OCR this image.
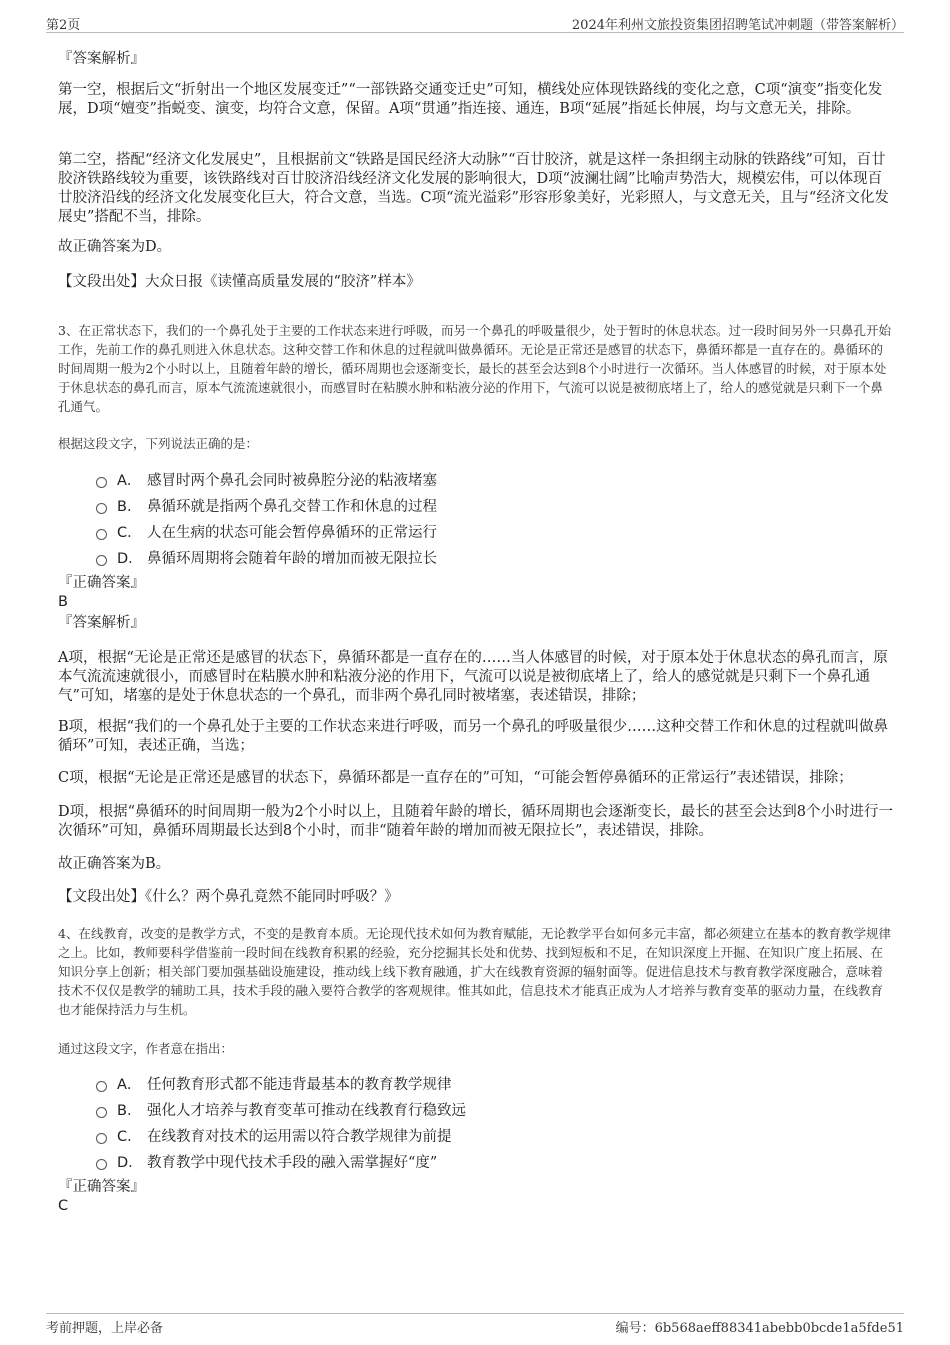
第2页	2024年利州文旅投资集团招聘笔试冲刺题（带答案解析）

『答案解析』

第一空，根据后文“折射出一个地区发展变迁”“一部铁路交通变迁史”可知，横线处应体现铁路线的变化之意，C项“演变”指变化发展，D项“嬗变”指蜕变、演变，均符合文意，保留。A项“贯通”指连接、通连，B项“延展”指延长伸展，均与文意无关，排除。

第二空，搭配“经济文化发展史”，且根据前文“铁路是国民经济大动脉”“百廿胶济，就是这样一条担纲主动脉的铁路线”可知，百廿胶济铁路线较为重要，该铁路线对百廿胶济沿线经济文化发展的影响很大，D项“波澜壮阔”比喻声势浩大，规模宏伟，可以体现百廿胶济沿线的经济文化发展变化巨大，符合文意，当选。C项“流光溢彩”形容形象美好，光彩照人，与文意无关，且与“经济文化发展史”搭配不当，排除。

故正确答案为D。

【文段出处】大众日报《读懂高质量发展的“胶济”样本》

3、在正常状态下，我们的一个鼻孔处于主要的工作状态来进行呼吸，而另一个鼻孔的呼吸量很少，处于暂时的休息状态。过一段时间另外一只鼻孔开始工作，先前工作的鼻孔则进入休息状态。这种交替工作和休息的过程就叫做鼻循环。无论是正常还是感冒的状态下，鼻循环都是一直存在的。鼻循环的时间周期一般为2个小时以上，且随着年龄的增长，循环周期也会逐渐变长，最长的甚至会达到8个小时进行一次循环。当人体感冒的时候，对于原本处于休息状态的鼻孔而言，原本气流流速就很小，而感冒时在粘膜水肿和粘液分泌的作用下，气流可以说是被彻底堵上了，给人的感觉就是只剩下一个鼻孔通气。

根据这段文字，下列说法正确的是：

A． 感冒时两个鼻孔会同时被鼻腔分泌的粘液堵塞
B． 鼻循环就是指两个鼻孔交替工作和休息的过程
C． 人在生病的状态可能会暂停鼻循环的正常运行
D． 鼻循环周期将会随着年龄的增加而被无限拉长

『正确答案』

B

『答案解析』

A项，根据“无论是正常还是感冒的状态下，鼻循环都是一直存在的……当人体感冒的时候，对于原本处于休息状态的鼻孔而言，原本气流流速就很小，而感冒时在粘膜水肿和粘液分泌的作用下，气流可以说是被彻底堵上了，给人的感觉就是只剩下一个鼻孔通气”可知，堵塞的是处于休息状态的一个鼻孔，而非两个鼻孔同时被堵塞，表述错误，排除；

B项，根据“我们的一个鼻孔处于主要的工作状态来进行呼吸，而另一个鼻孔的呼吸量很少……这种交替工作和休息的过程就叫做鼻循环”可知，表述正确，当选；

C项，根据“无论是正常还是感冒的状态下，鼻循环都是一直存在的”可知，“可能会暂停鼻循环的正常运行”表述错误，排除；

D项，根据“鼻循环的时间周期一般为2个小时以上，且随着年龄的增长，循环周期也会逐渐变长，最长的甚至会达到8个小时进行一次循环”可知，鼻循环周期最长达到8个小时，而非“随着年龄的增加而被无限拉长”，表述错误，排除。

故正确答案为B。

【文段出处】《什么？两个鼻孔竟然不能同时呼吸？》

4、在线教育，改变的是教学方式，不变的是教育本质。无论现代技术如何为教育赋能，无论教学平台如何多元丰富，都必须建立在基本的教育教学规律之上。比如，教师要科学借鉴前一段时间在线教育积累的经验，充分挖掘其长处和优势、找到短板和不足，在知识深度上开掘、在知识广度上拓展、在知识分享上创新；相关部门要加强基础设施建设，推动线上线下教育融通，扩大在线教育资源的辐射面等。促进信息技术与教育教学深度融合，意味着技术不仅仅是教学的辅助工具，技术手段的融入要符合教学的客观规律。惟其如此，信息技术才能真正成为人才培养与教育变革的驱动力量，在线教育也才能保持活力与生机。

通过这段文字，作者意在指出：

A． 任何教育形式都不能违背最基本的教育教学规律
B． 强化人才培养与教育变革可推动在线教育行稳致远
C． 在线教育对技术的运用需以符合教学规律为前提
D． 教育教学中现代技术手段的融入需掌握好“度”

『正确答案』

C

考前押题，上岸必备	编号：6b568aeff88341abebb0bcde1a5fde51
